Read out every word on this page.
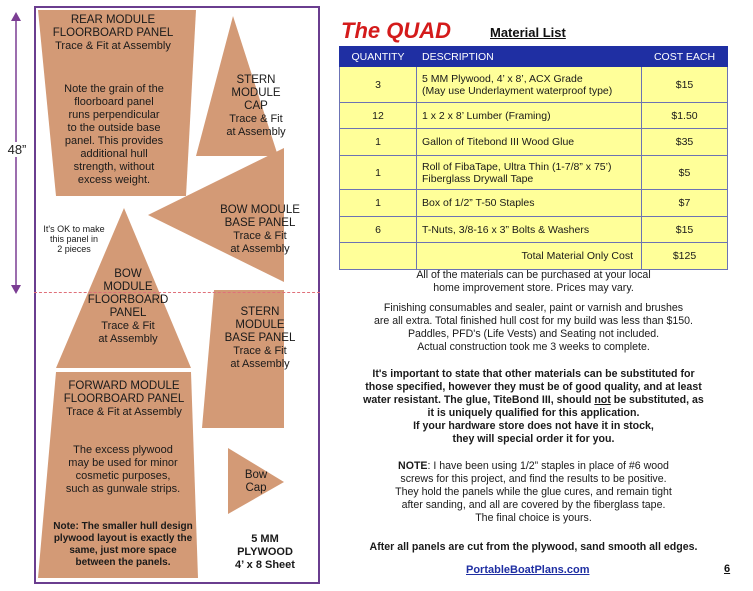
48”
REAR MODULE
FLOORBOARD PANEL
Trace & Fit at Assembly
Note the grain of the
floorboard panel
runs perpendicular
to the outside base
panel. This provides
additional hull
strength, without
excess weight.
STERN
MODULE
CAP
Trace & Fit
at Assembly
It's OK to make
this panel in
2 pieces
BOW MODULE
BASE PANEL
Trace & Fit
at Assembly
BOW
MODULE
FLOORBOARD
PANEL
Trace & Fit
at Assembly
STERN
MODULE
BASE PANEL
Trace & Fit
at Assembly
FORWARD MODULE
FLOORBOARD PANEL
Trace & Fit at Assembly
The excess plywood
may be used for minor
cosmetic purposes,
such as gunwale strips.
Note: The smaller hull design
plywood layout is exactly the
same, just more space
between the panels.
Bow
Cap
5 MM
PLYWOOD
4’ x 8 Sheet
The QUAD	Material List
QUANTITY	DESCRIPTION	COST EACH
3	5 MM Plywood, 4’ x 8’, ACX Grade
(May use Underlayment waterproof type)	$15
12	1 x 2 x 8’ Lumber (Framing)	$1.50
1	Gallon of Titebond III Wood Glue	$35
1	Roll of FibaTape, Ultra Thin (1-7/8” x 75’)
Fiberglass Drywall Tape	$5
1	Box of 1/2” T-50 Staples	$7
6	T-Nuts, 3/8-16 x 3” Bolts & Washers	$15
	Total Material Only Cost	$125
All of the materials can be purchased at your local
home improvement store. Prices may vary.
Finishing consumables and sealer, paint or varnish and brushes
are all extra. Total finished hull cost for my build was less than $150.
Paddles, PFD's (Life Vests) and Seating not included.
Actual construction took me 3 weeks to complete.
It's important to state that other materials can be substituted for
those specified, however they must be of good quality, and at least
water resistant. The glue, TiteBond III, should not be substituted, as
it is uniquely qualified for this application.
If your hardware store does not have it in stock,
they will special order it for you.
NOTE: I have been using 1/2” staples in place of #6 wood
screws for this project, and find the results to be positive.
They hold the panels while the glue cures, and remain tight
after sanding, and all are covered by the fiberglass tape.
The final choice is yours.
After all panels are cut from the plywood, sand smooth all edges.
PortableBoatPlans.com	6
